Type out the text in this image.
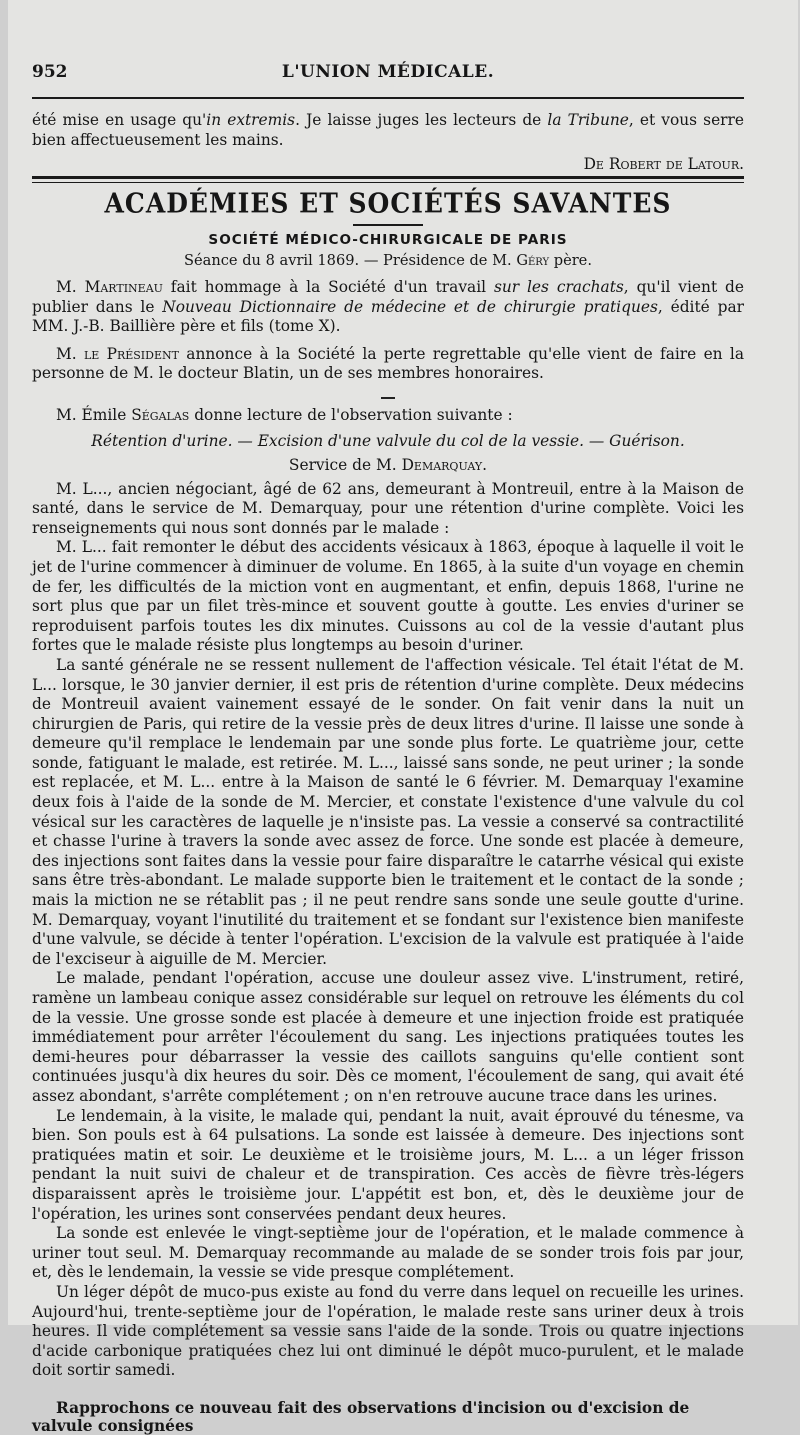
952	L'UNION MÉDICALE.

été mise en usage qu'in extremis. Je laisse juges les lecteurs de la Tribune, et vous serre bien affectueusement les mains.

De Robert de Latour.

ACADÉMIES ET SOCIÉTÉS SAVANTES
SOCIÉTÉ MÉDICO-CHIRURGICALE DE PARIS
Séance du 8 avril 1869. — Présidence de M. Géry père.

M. Martineau fait hommage à la Société d'un travail sur les crachats, qu'il vient de publier dans le Nouveau Dictionnaire de médecine et de chirurgie pratiques, édité par MM. J.-B. Baillière père et fils (tome X).

M. le Président annonce à la Société la perte regrettable qu'elle vient de faire en la personne de M. le docteur Blatin, un de ses membres honoraires.

M. Émile Ségalas donne lecture de l'observation suivante :

Rétention d'urine. — Excision d'une valvule du col de la vessie. — Guérison.

Service de M. Demarquay.

M. L..., ancien négociant, âgé de 62 ans, demeurant à Montreuil, entre à la Maison de santé, dans le service de M. Demarquay, pour une rétention d'urine complète. Voici les renseignements qui nous sont donnés par le malade :

M. L... fait remonter le début des accidents vésicaux à 1863, époque à laquelle il voit le jet de l'urine commencer à diminuer de volume. En 1865, à la suite d'un voyage en chemin de fer, les difficultés de la miction vont en augmentant, et enfin, depuis 1868, l'urine ne sort plus que par un filet très-mince et souvent goutte à goutte. Les envies d'uriner se reproduisent parfois toutes les dix minutes. Cuissons au col de la vessie d'autant plus fortes que le malade résiste plus longtemps au besoin d'uriner.

La santé générale ne se ressent nullement de l'affection vésicale. Tel était l'état de M. L... lorsque, le 30 janvier dernier, il est pris de rétention d'urine complète. Deux médecins de Montreuil avaient vainement essayé de le sonder. On fait venir dans la nuit un chirurgien de Paris, qui retire de la vessie près de deux litres d'urine. Il laisse une sonde à demeure qu'il remplace le lendemain par une sonde plus forte. Le quatrième jour, cette sonde, fatiguant le malade, est retirée. M. L..., laissé sans sonde, ne peut uriner ; la sonde est replacée, et M. L... entre à la Maison de santé le 6 février. M. Demarquay l'examine deux fois à l'aide de la sonde de M. Mercier, et constate l'existence d'une valvule du col vésical sur les caractères de laquelle je n'insiste pas. La vessie a conservé sa contractilité et chasse l'urine à travers la sonde avec assez de force. Une sonde est placée à demeure, des injections sont faites dans la vessie pour faire disparaître le catarrhe vésical qui existe sans être très-abondant. Le malade supporte bien le traitement et le contact de la sonde ; mais la miction ne se rétablit pas ; il ne peut rendre sans sonde une seule goutte d'urine. M. Demarquay, voyant l'inutilité du traitement et se fondant sur l'existence bien manifeste d'une valvule, se décide à tenter l'opération. L'excision de la valvule est pratiquée à l'aide de l'exciseur à aiguille de M. Mercier.

Le malade, pendant l'opération, accuse une douleur assez vive. L'instrument, retiré, ramène un lambeau conique assez considérable sur lequel on retrouve les éléments du col de la vessie. Une grosse sonde est placée à demeure et une injection froide est pratiquée immédiatement pour arrêter l'écoulement du sang. Les injections pratiquées toutes les demi-heures pour débarrasser la vessie des caillots sanguins qu'elle contient sont continuées jusqu'à dix heures du soir. Dès ce moment, l'écoulement de sang, qui avait été assez abondant, s'arrête complétement ; on n'en retrouve aucune trace dans les urines.

Le lendemain, à la visite, le malade qui, pendant la nuit, avait éprouvé du ténesme, va bien. Son pouls est à 64 pulsations. La sonde est laissée à demeure. Des injections sont pratiquées matin et soir. Le deuxième et le troisième jours, M. L... a un léger frisson pendant la nuit suivi de chaleur et de transpiration. Ces accès de fièvre très-légers disparaissent après le troisième jour. L'appétit est bon, et, dès le deuxième jour de l'opération, les urines sont conservées pendant deux heures.

La sonde est enlevée le vingt-septième jour de l'opération, et le malade commence à uriner tout seul. M. Demarquay recommande au malade de se sonder trois fois par jour, et, dès le lendemain, la vessie se vide presque complétement.

Un léger dépôt de muco-pus existe au fond du verre dans lequel on recueille les urines. Aujourd'hui, trente-septième jour de l'opération, le malade reste sans uriner deux à trois heures. Il vide complétement sa vessie sans l'aide de la sonde. Trois ou quatre injections d'acide carbonique pratiquées chez lui ont diminué le dépôt muco-purulent, et le malade doit sortir samedi.

Rapprochons ce nouveau fait des observations d'incision ou d'excision de valvule consignées
